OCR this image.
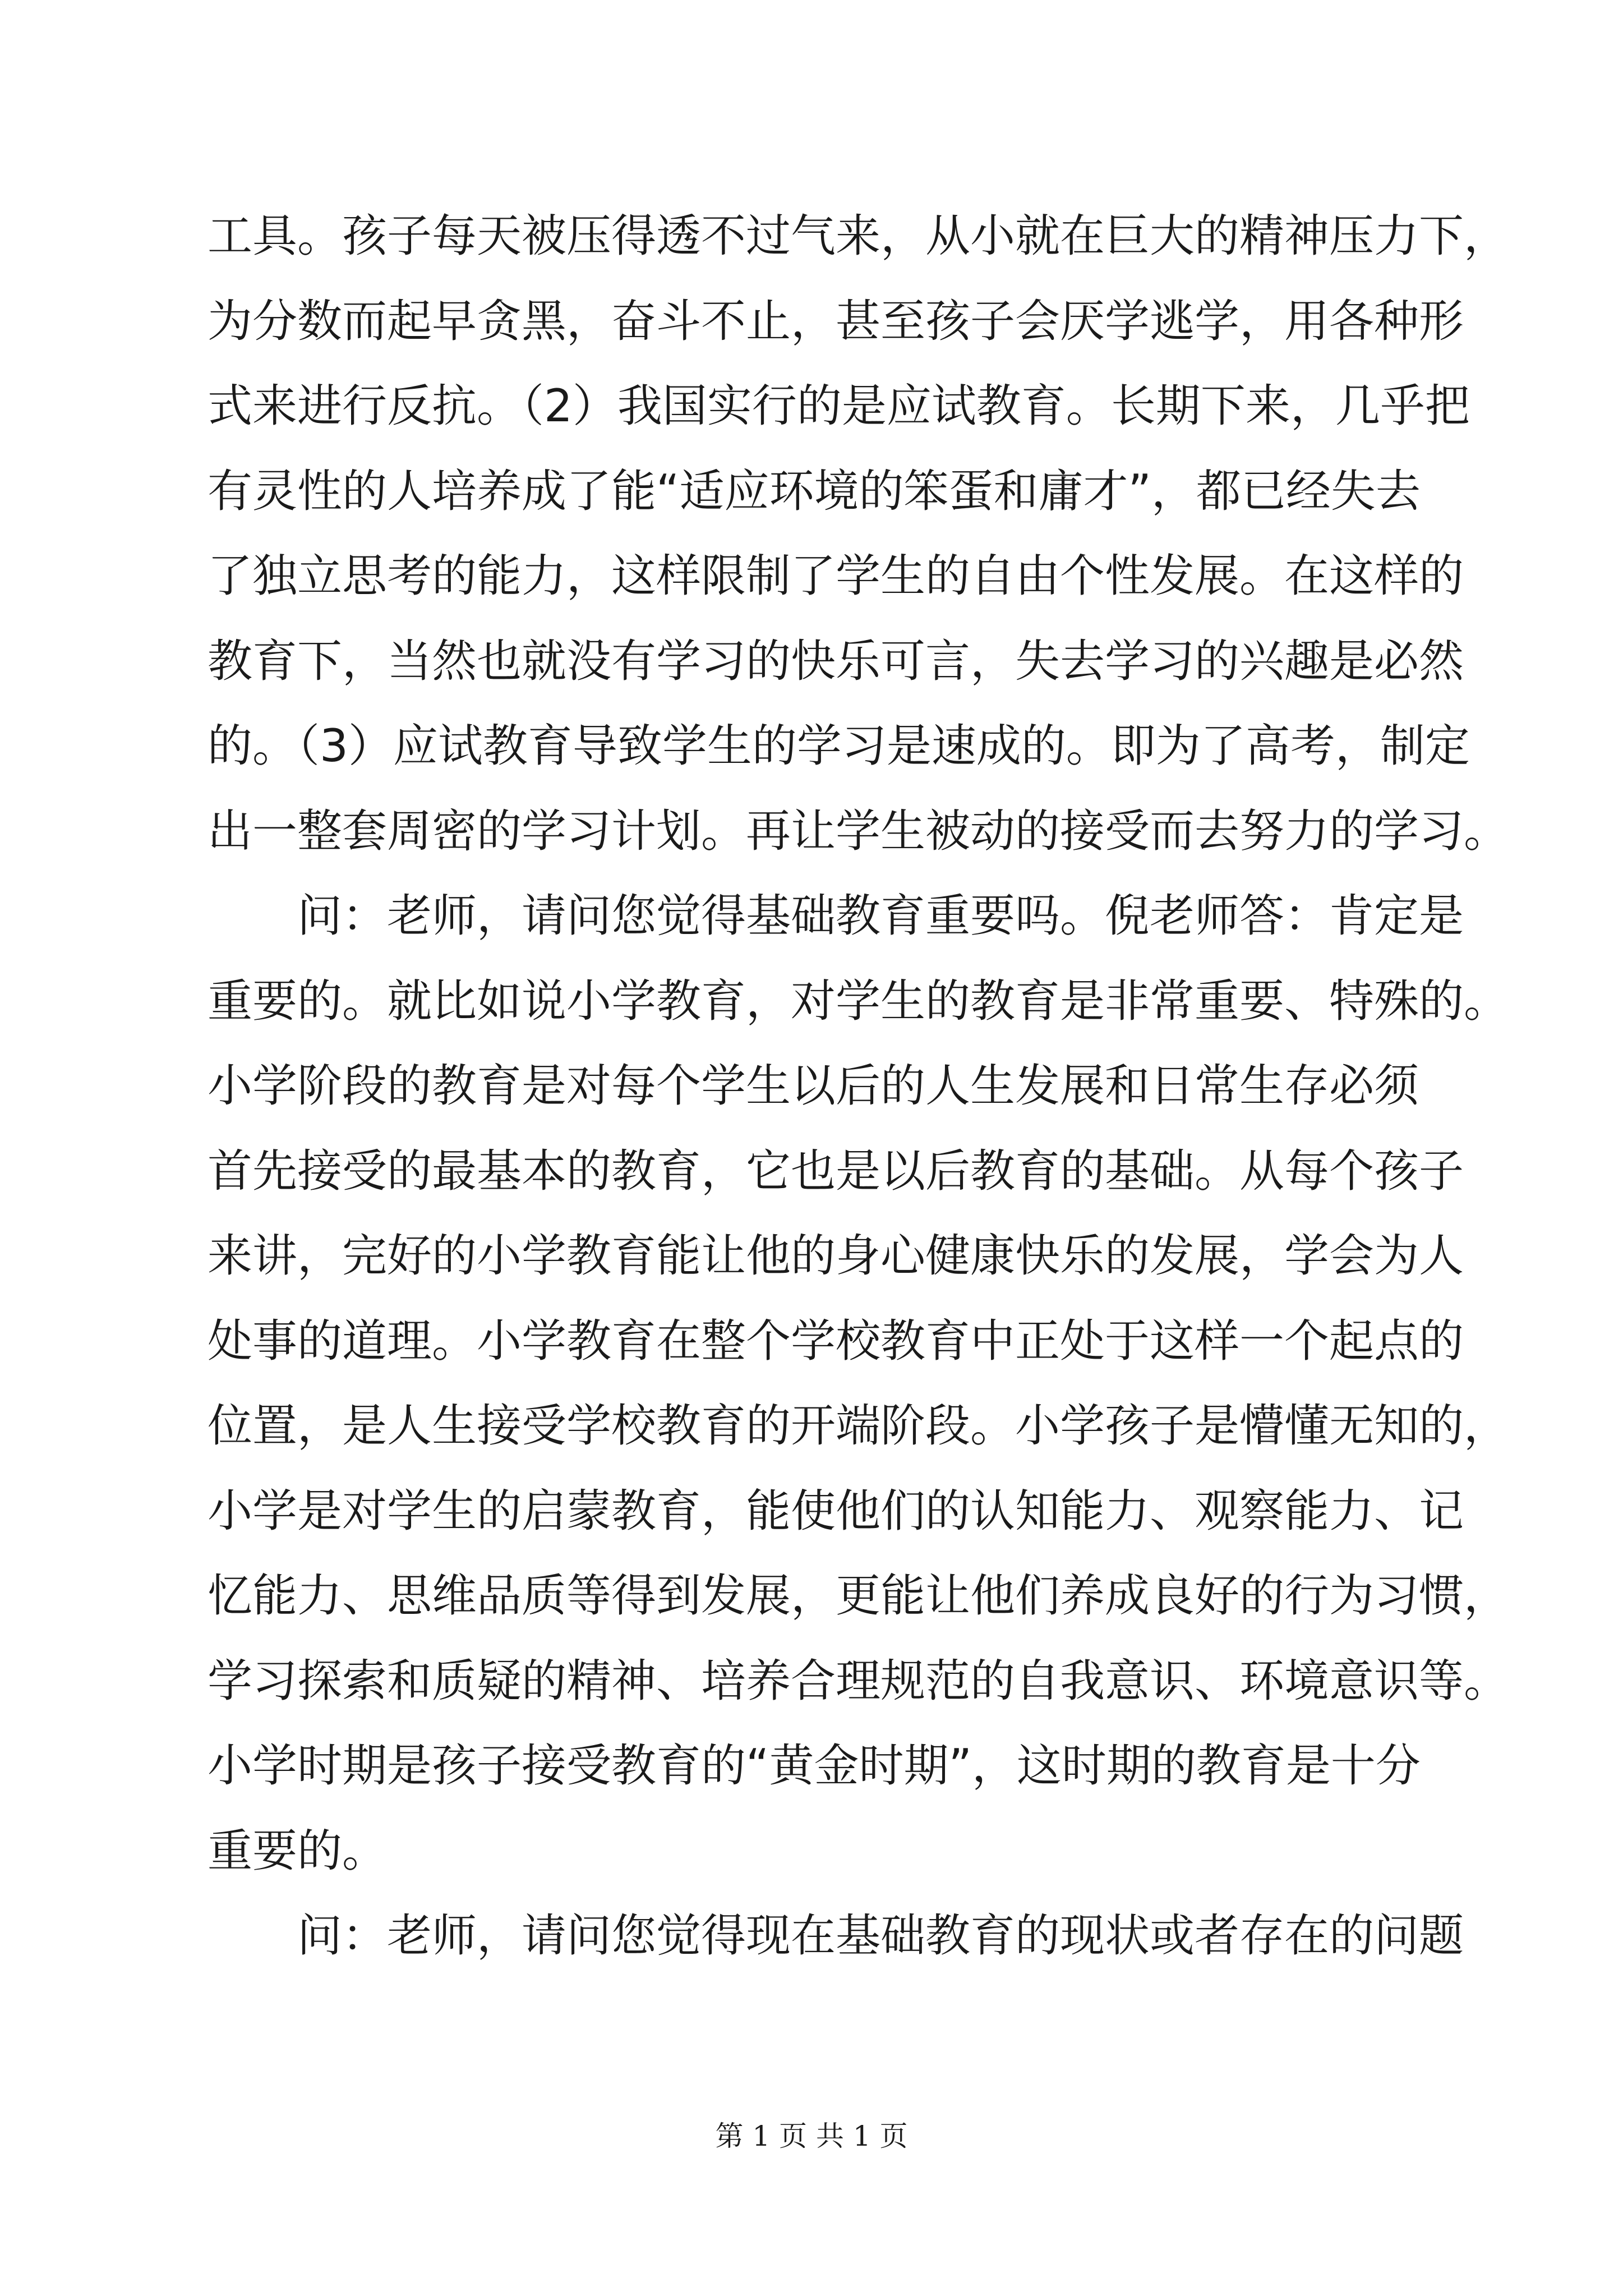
工具。孩子每天被压得透不过气来，从小就在巨大的精神压力下，
为分数而起早贪黑，奋斗不止，甚至孩子会厌学逃学，用各种形
式来进行反抗。（2）我国实行的是应试教育。长期下来，几乎把
有灵性的人培养成了能“适应环境的笨蛋和庸才”，都已经失去
了独立思考的能力，这样限制了学生的自由个性发展。在这样的
教育下，当然也就没有学习的快乐可言，失去学习的兴趣是必然
的。（3）应试教育导致学生的学习是速成的。即为了高考，制定
出一整套周密的学习计划。再让学生被动的接受而去努力的学习。
问：老师，请问您觉得基础教育重要吗。倪老师答：肯定是
重要的。就比如说小学教育，对学生的教育是非常重要、特殊的。
小学阶段的教育是对每个学生以后的人生发展和日常生存必须
首先接受的最基本的教育，它也是以后教育的基础。从每个孩子
来讲，完好的小学教育能让他的身心健康快乐的发展，学会为人
处事的道理。小学教育在整个学校教育中正处于这样一个起点的
位置，是人生接受学校教育的开端阶段。小学孩子是懵懂无知的，
小学是对学生的启蒙教育，能使他们的认知能力、观察能力、记
忆能力、思维品质等得到发展，更能让他们养成良好的行为习惯，
学习探索和质疑的精神、培养合理规范的自我意识、环境意识等。
小学时期是孩子接受教育的“黄金时期”，这时期的教育是十分
重要的。
问：老师，请问您觉得现在基础教育的现状或者存在的问题
第 1 页 共 1 页
